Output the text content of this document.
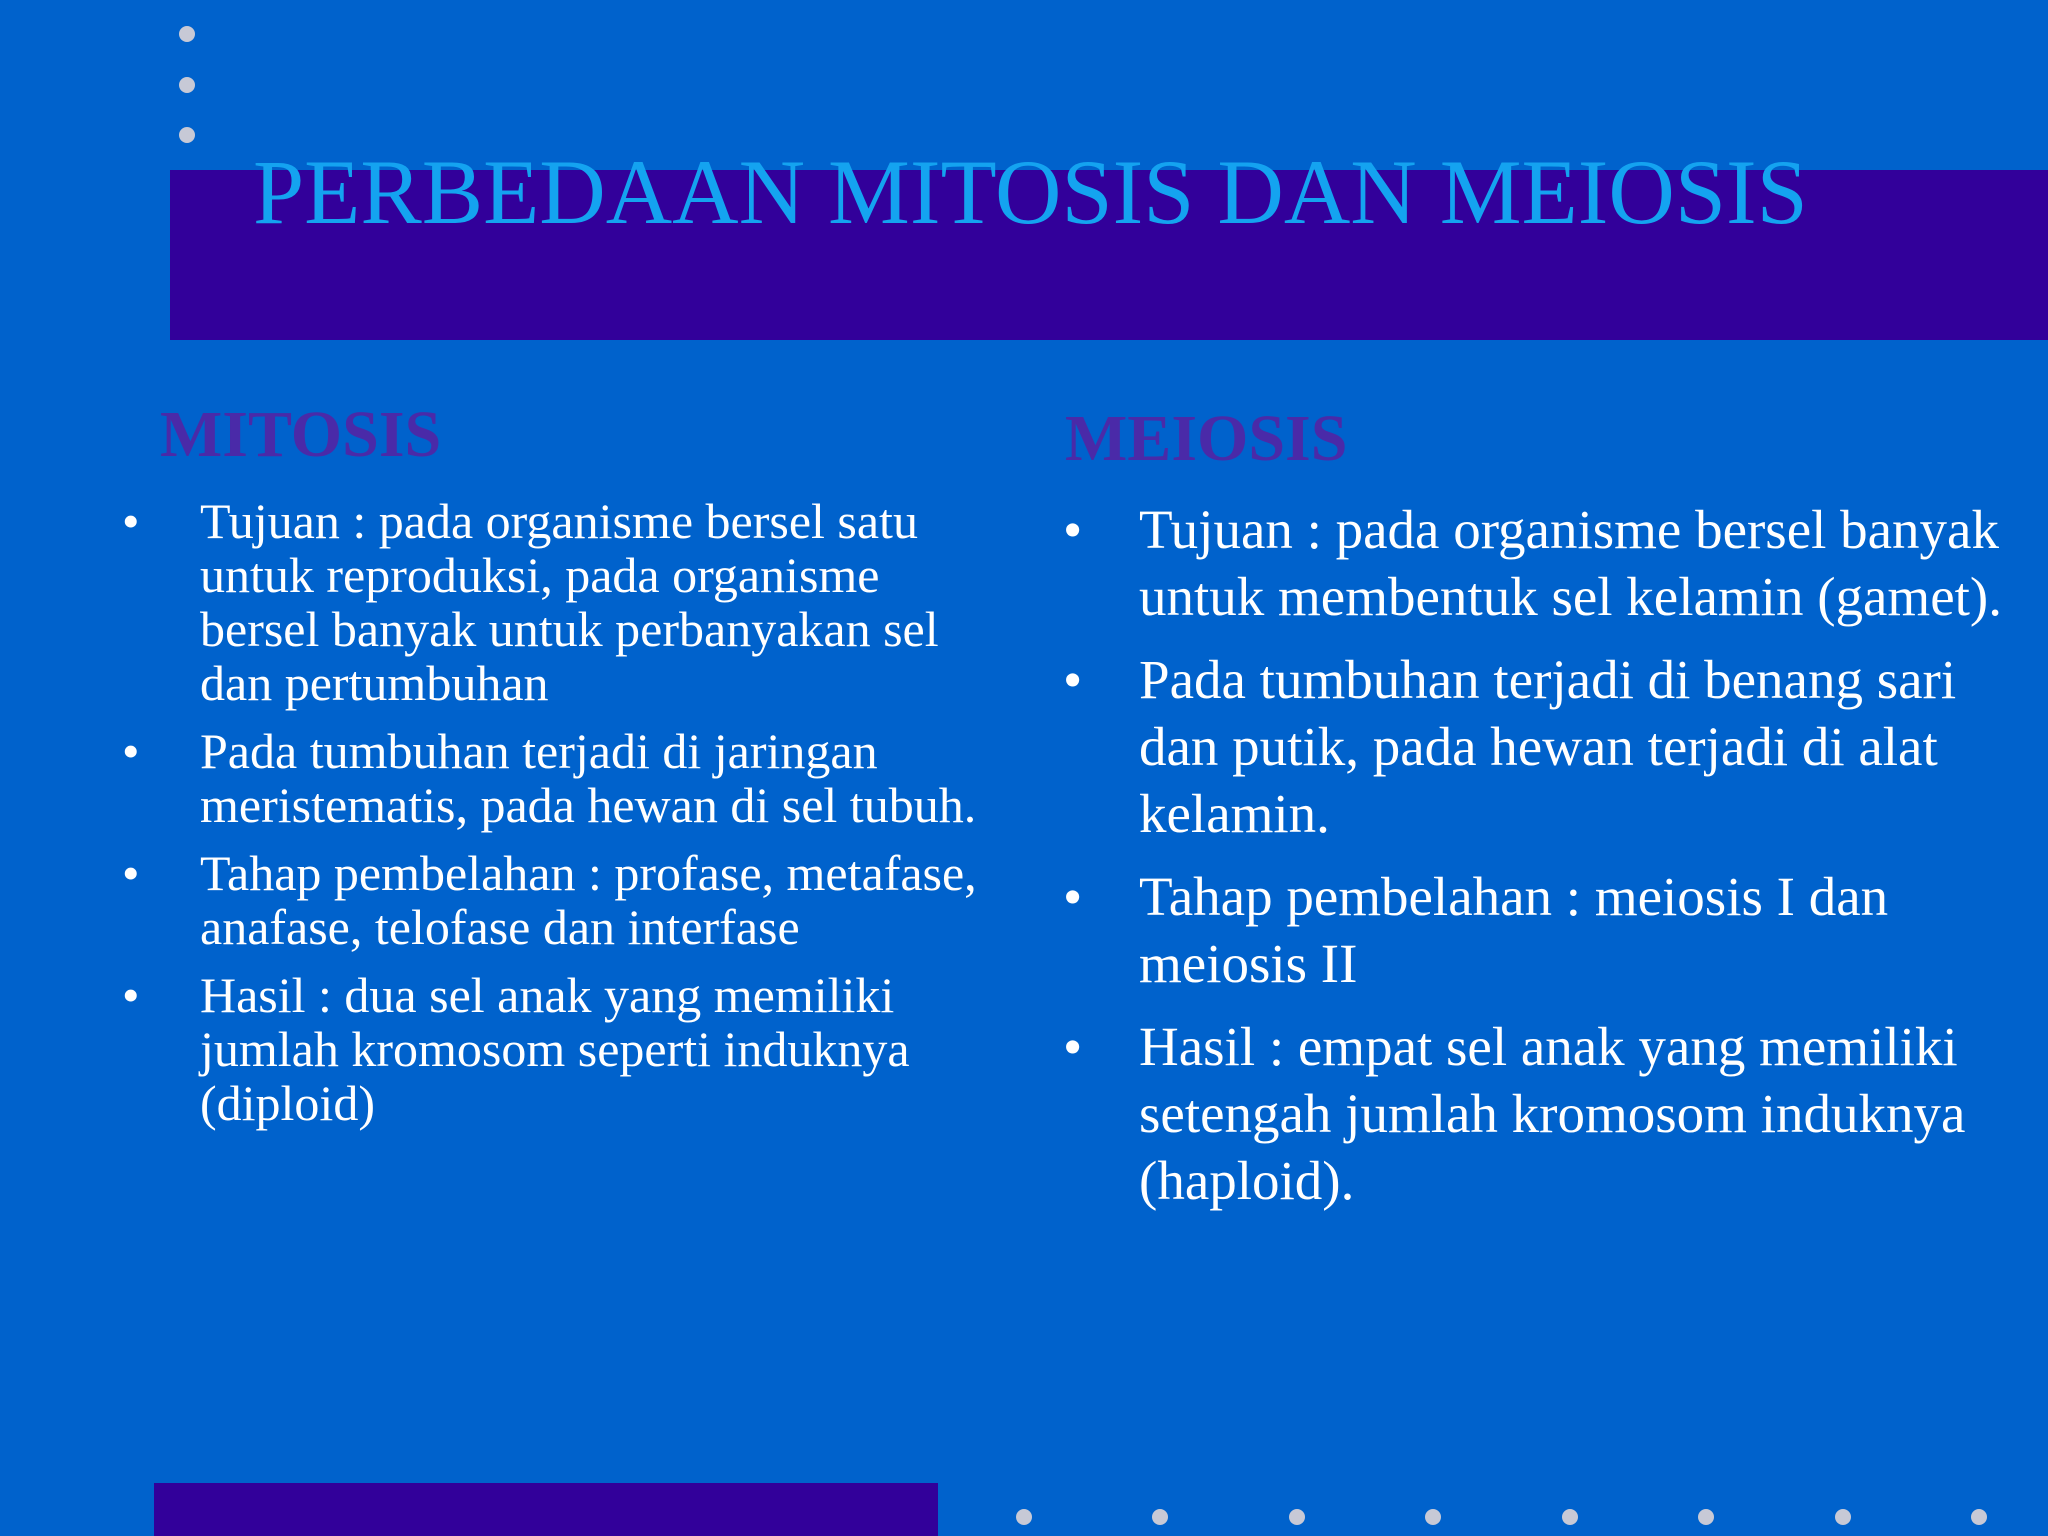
PERBEDAAN MITOSIS DAN MEIOSIS
MITOSIS
• Tujuan : pada organisme bersel satu untuk reproduksi, pada organisme bersel banyak untuk perbanyakan sel dan pertumbuhan
• Pada tumbuhan terjadi di jaringan meristematis, pada hewan di sel tubuh.
• Tahap pembelahan : profase, metafase, anafase, telofase dan interfase
• Hasil : dua sel anak yang memiliki jumlah kromosom seperti induknya (diploid)
MEIOSIS
• Tujuan : pada organisme bersel banyak untuk membentuk sel kelamin (gamet).
• Pada tumbuhan terjadi di benang sari dan putik, pada hewan terjadi di alat kelamin.
• Tahap pembelahan : meiosis I dan meiosis II
• Hasil : empat sel anak yang memiliki setengah jumlah kromosom induknya (haploid).
